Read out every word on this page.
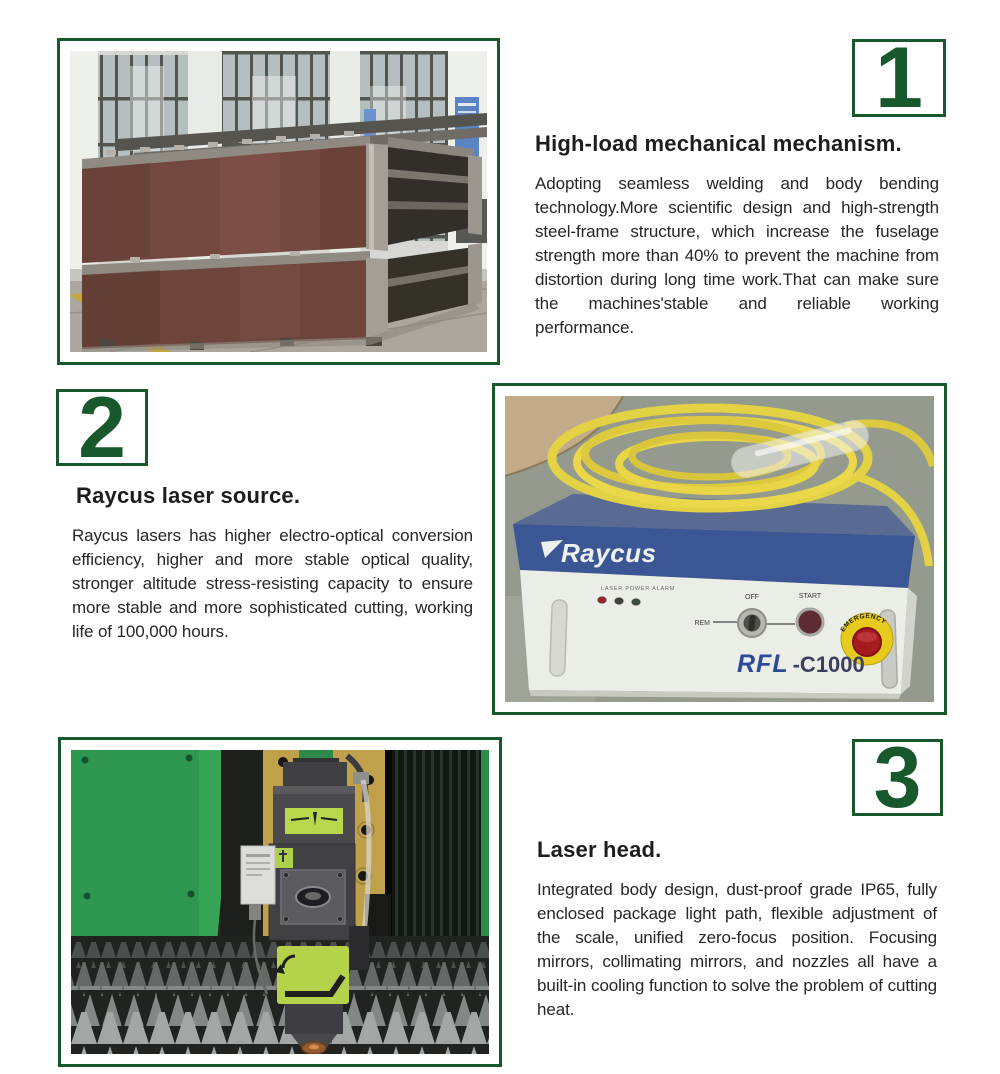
1
High-load mechanical mechanism.

Adopting seamless welding and body bending technology.More scientific design and high-strength steel-frame structure, which increase the fuselage strength more than 40% to prevent the machine from distortion during long time work.That can make sure the machines'stable and reliable working performance.

2
Raycus laser source.

Raycus lasers has higher electro-optical conversion efficiency, higher and more stable optical quality, stronger altitude stress-resisting capacity to ensure more stable and more sophisticated cutting, working life of 100,000 hours.

Raycus
LASER POWER ALARM
OFF
REM
START
EMERGENCY
RFL -C1000
3
Laser head.

Integrated body design, dust-proof grade IP65, fully enclosed package light path, flexible adjustment of the scale, unified zero-focus position. Focusing mirrors, collimating mirrors, and nozzles all have a built-in cooling function to solve the problem of cutting heat.
